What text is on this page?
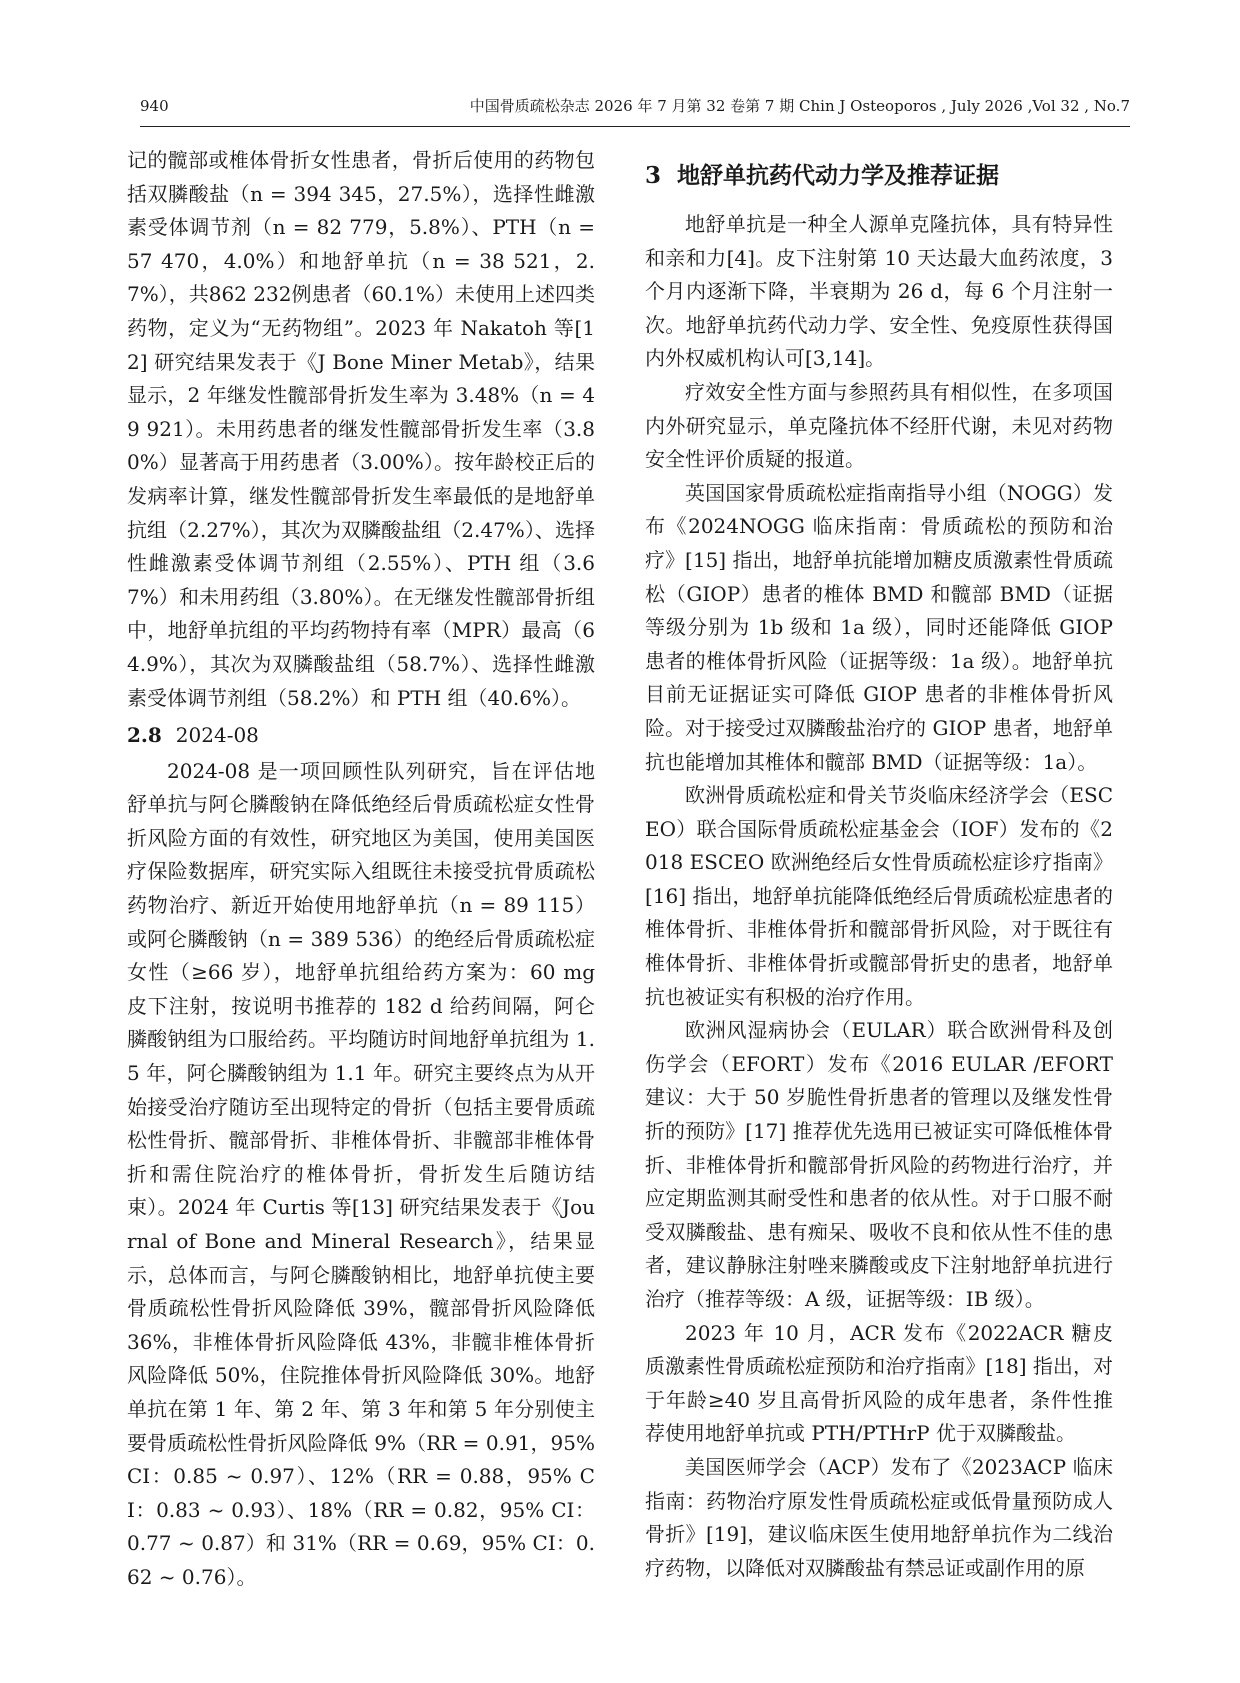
940	中国骨质疏松杂志 2026 年 7 月第 32 卷第 7 期 Chin J Osteoporos , July 2026 ,Vol 32 , No.7

记的髋部或椎体骨折女性患者，骨折后使用的药物包括双膦酸盐（n = 394 345，27.5%），选择性雌激素受体调节剂（n = 82 779，5.8%）、PTH（n = 57 470，4.0%）和地舒单抗（n = 38 521，2.7%），共862 232例患者（60.1%）未使用上述四类药物，定义为“无药物组”。2023 年 Nakatoh 等[12] 研究结果发表于《J Bone Miner Metab》，结果显示，2 年继发性髋部骨折发生率为 3.48%（n = 49 921）。未用药患者的继发性髋部骨折发生率（3.80%）显著高于用药患者（3.00%）。按年龄校正后的发病率计算，继发性髋部骨折发生率最低的是地舒单抗组（2.27%），其次为双膦酸盐组（2.47%）、选择性雌激素受体调节剂组（2.55%）、PTH 组（3.67%）和未用药组（3.80%）。在无继发性髋部骨折组中，地舒单抗组的平均药物持有率（MPR）最高（64.9%），其次为双膦酸盐组（58.7%）、选择性雌激素受体调节剂组（58.2%）和 PTH 组（40.6%）。

2.8 2024-08

2024-08 是一项回顾性队列研究，旨在评估地舒单抗与阿仑膦酸钠在降低绝经后骨质疏松症女性骨折风险方面的有效性，研究地区为美国，使用美国医疗保险数据库，研究实际入组既往未接受抗骨质疏松药物治疗、新近开始使用地舒单抗（n = 89 115）或阿仑膦酸钠（n = 389 536）的绝经后骨质疏松症女性（≥66 岁），地舒单抗组给药方案为：60 mg 皮下注射，按说明书推荐的 182 d 给药间隔，阿仑膦酸钠组为口服给药。平均随访时间地舒单抗组为 1.5 年，阿仑膦酸钠组为 1.1 年。研究主要终点为从开始接受治疗随访至出现特定的骨折（包括主要骨质疏松性骨折、髋部骨折、非椎体骨折、非髋部非椎体骨折和需住院治疗的椎体骨折，骨折发生后随访结束）。2024 年 Curtis 等[13] 研究结果发表于《Journal of Bone and Mineral Research》，结果显示，总体而言，与阿仑膦酸钠相比，地舒单抗使主要骨质疏松性骨折风险降低 39%，髋部骨折风险降低 36%，非椎体骨折风险降低 43%，非髋非椎体骨折风险降低 50%，住院推体骨折风险降低 30%。地舒单抗在第 1 年、第 2 年、第 3 年和第 5 年分别使主要骨质疏松性骨折风险降低 9%（RR = 0.91，95% CI：0.85 ~ 0.97）、12%（RR = 0.88，95% CI：0.83 ~ 0.93）、18%（RR = 0.82，95% CI：0.77 ~ 0.87）和 31%（RR = 0.69，95% CI：0.62 ~ 0.76）。

3 地舒单抗药代动力学及推荐证据

地舒单抗是一种全人源单克隆抗体，具有特异性和亲和力[4]。皮下注射第 10 天达最大血药浓度，3 个月内逐渐下降，半衰期为 26 d，每 6 个月注射一次。地舒单抗药代动力学、安全性、免疫原性获得国内外权威机构认可[3,14]。

疗效安全性方面与参照药具有相似性，在多项国内外研究显示，单克隆抗体不经肝代谢，未见对药物安全性评价质疑的报道。

英国国家骨质疏松症指南指导小组（NOGG）发布《2024NOGG 临床指南：骨质疏松的预防和治疗》[15] 指出，地舒单抗能增加糖皮质激素性骨质疏松（GIOP）患者的椎体 BMD 和髋部 BMD（证据等级分别为 1b 级和 1a 级），同时还能降低 GIOP 患者的椎体骨折风险（证据等级：1a 级）。地舒单抗目前无证据证实可降低 GIOP 患者的非椎体骨折风险。对于接受过双膦酸盐治疗的 GIOP 患者，地舒单抗也能增加其椎体和髋部 BMD（证据等级：1a）。

欧洲骨质疏松症和骨关节炎临床经济学会（ESCEO）联合国际骨质疏松症基金会（IOF）发布的《2018 ESCEO 欧洲绝经后女性骨质疏松症诊疗指南》[16] 指出，地舒单抗能降低绝经后骨质疏松症患者的椎体骨折、非椎体骨折和髋部骨折风险，对于既往有椎体骨折、非椎体骨折或髋部骨折史的患者，地舒单抗也被证实有积极的治疗作用。

欧洲风湿病协会（EULAR）联合欧洲骨科及创伤学会（EFORT）发布《2016 EULAR /EFORT 建议：大于 50 岁脆性骨折患者的管理以及继发性骨折的预防》[17] 推荐优先选用已被证实可降低椎体骨折、非椎体骨折和髋部骨折风险的药物进行治疗，并应定期监测其耐受性和患者的依从性。对于口服不耐受双膦酸盐、患有痴呆、吸收不良和依从性不佳的患者，建议静脉注射唑来膦酸或皮下注射地舒单抗进行治疗（推荐等级：A 级，证据等级：IB 级）。

2023 年 10 月，ACR 发布《2022ACR 糖皮质激素性骨质疏松症预防和治疗指南》[18] 指出，对于年龄≥40 岁且高骨折风险的成年患者，条件性推荐使用地舒单抗或 PTH/PTHrP 优于双膦酸盐。

美国医师学会（ACP）发布了《2023ACP 临床指南：药物治疗原发性骨质疏松症或低骨量预防成人骨折》[19]，建议临床医生使用地舒单抗作为二线治疗药物，以降低对双膦酸盐有禁忌证或副作用的原
